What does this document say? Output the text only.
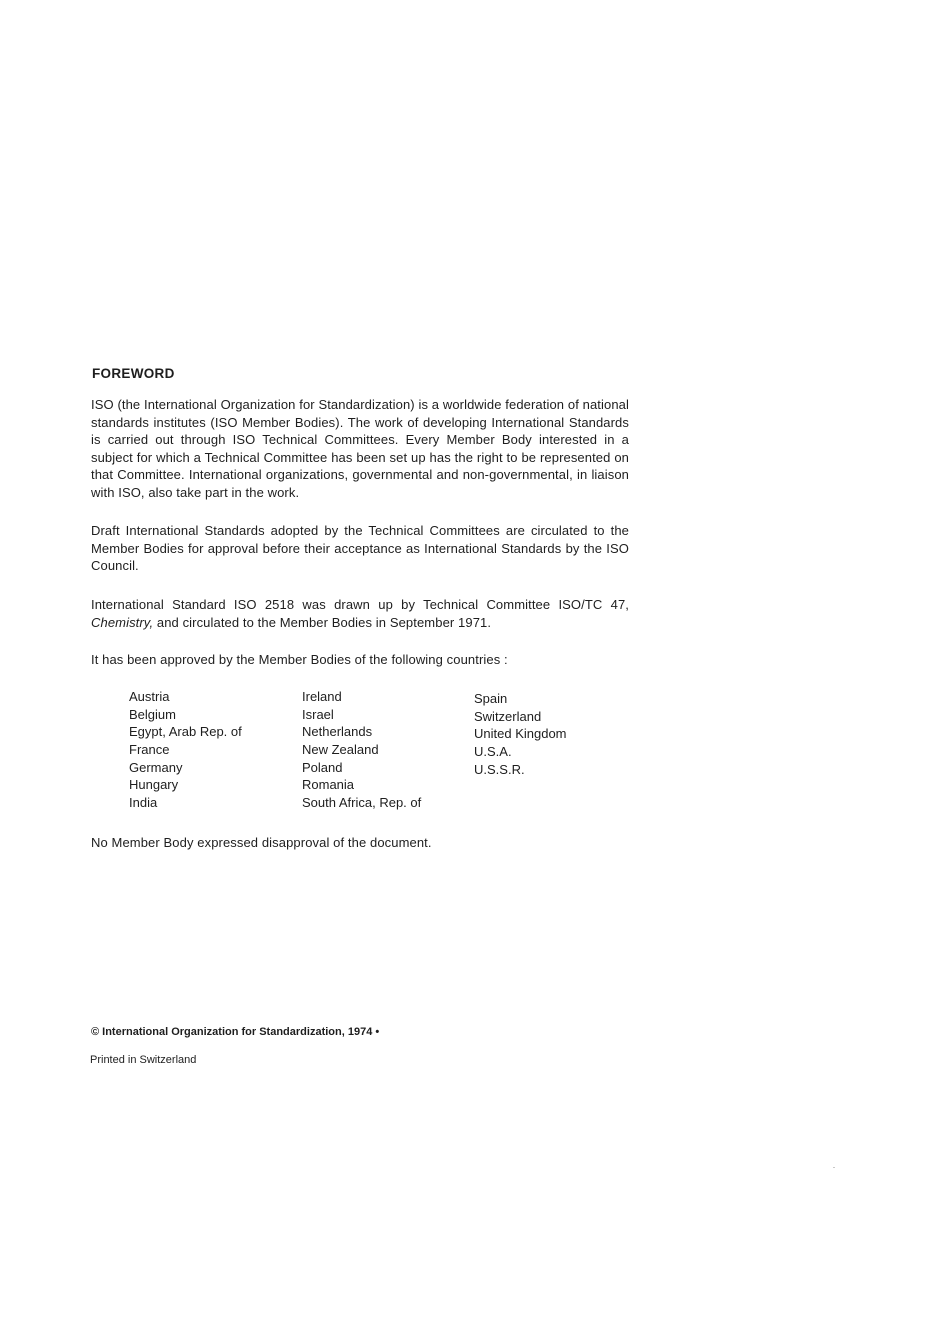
FOREWORD
ISO (the International Organization for Standardization) is a worldwide federation of national standards institutes (ISO Member Bodies). The work of developing International Standards is carried out through ISO Technical Committees. Every Member Body interested in a subject for which a Technical Committee has been set up has the right to be represented on that Committee. International organizations, governmental and non-governmental, in liaison with ISO, also take part in the work.
Draft International Standards adopted by the Technical Committees are circulated to the Member Bodies for approval before their acceptance as International Standards by the ISO Council.
International Standard ISO 2518 was drawn up by Technical Committee ISO/TC 47, Chemistry, and circulated to the Member Bodies in September 1971.
It has been approved by the Member Bodies of the following countries :
Austria
Belgium
Egypt, Arab Rep. of
France
Germany
Hungary
India
Ireland
Israel
Netherlands
New Zealand
Poland
Romania
South Africa, Rep. of
Spain
Switzerland
United Kingdom
U.S.A.
U.S.S.R.
No Member Body expressed disapproval of the document.
© International Organization for Standardization, 1974 •
Printed in Switzerland
